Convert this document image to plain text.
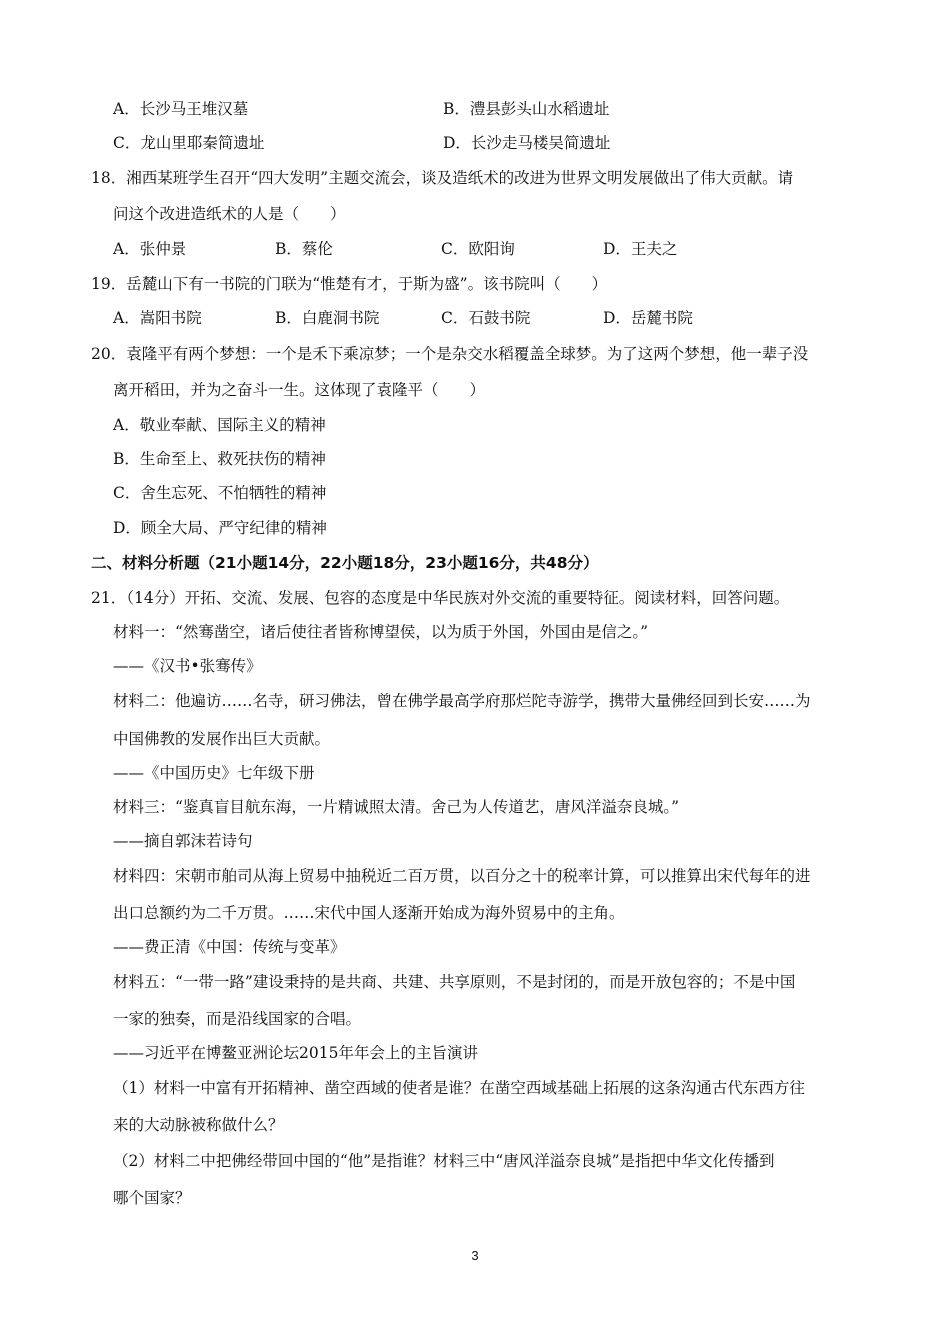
A．长沙马王堆汉墓	B．澧县彭头山水稻遗址
C．龙山里耶秦简遗址	D．长沙走马楼吴简遗址
18．湘西某班学生召开“四大发明”主题交流会，谈及造纸术的改进为世界文明发展做出了伟大贡献。请
问这个改进造纸术的人是（　　）
A．张仲景	B．蔡伦	C．欧阳询	D．王夫之
19．岳麓山下有一书院的门联为“惟楚有才，于斯为盛”。该书院叫（　　）
A．嵩阳书院	B．白鹿洞书院	C．石鼓书院	D．岳麓书院
20．袁隆平有两个梦想：一个是禾下乘凉梦；一个是杂交水稻覆盖全球梦。为了这两个梦想，他一辈子没
离开稻田，并为之奋斗一生。这体现了袁隆平（　　）
A．敬业奉献、国际主义的精神
B．生命至上、救死扶伤的精神
C．舍生忘死、不怕牺牲的精神
D．顾全大局、严守纪律的精神
二、材料分析题（21小题14分，22小题18分，23小题16分，共48分）
21．（14分）开拓、交流、发展、包容的态度是中华民族对外交流的重要特征。阅读材料，回答问题。
材料一：“然骞凿空，诸后使往者皆称博望侯，以为质于外国，外国由是信之。”
——《汉书•张骞传》
材料二：他遍访……名寺，研习佛法，曾在佛学最高学府那烂陀寺游学，携带大量佛经回到长安……为
中国佛教的发展作出巨大贡献。
——《中国历史》七年级下册
材料三：“鉴真盲目航东海，一片精诚照太清。舍己为人传道艺，唐风洋溢奈良城。”
——摘自郭沫若诗句
材料四：宋朝市舶司从海上贸易中抽税近二百万贯，以百分之十的税率计算，可以推算出宋代每年的进
出口总额约为二千万贯。……宋代中国人逐渐开始成为海外贸易中的主角。
——费正清《中国：传统与变革》
材料五：“一带一路”建设秉持的是共商、共建、共享原则，不是封闭的，而是开放包容的；不是中国
一家的独奏，而是沿线国家的合唱。
——习近平在博鳌亚洲论坛2015年年会上的主旨演讲
（1）材料一中富有开拓精神、凿空西域的使者是谁？在凿空西域基础上拓展的这条沟通古代东西方往
来的大动脉被称做什么？
（2）材料二中把佛经带回中国的“他”是指谁？材料三中“唐风洋溢奈良城”是指把中华文化传播到
哪个国家？
3
